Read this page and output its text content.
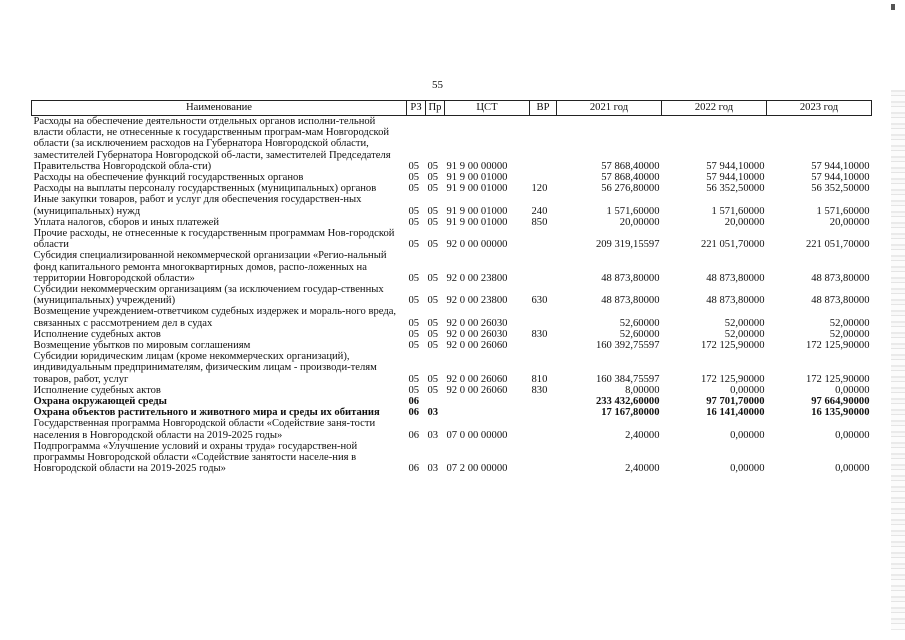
55
Наименование	РЗ	Пр	ЦСТ	ВР	2021 год	2022 год	2023 год
Расходы на обеспечение деятельности отдельных органов исполни-тельной власти области, не отнесенные к государственным програм-мам Новгородской области (за исключением расходов на Губернатора Новгородской области, заместителей Губернатора Новгородской об-ласти, заместителей Председателя Правительства Новгородской обла-сти)	05	05	91 9 00 00000		57 868,40000	57 944,10000	57 944,10000
Расходы на обеспечение функций государственных органов	05	05	91 9 00 01000		57 868,40000	57 944,10000	57 944,10000
Расходы на выплаты персоналу государственных (муниципальных) органов	05	05	91 9 00 01000	120	56 276,80000	56 352,50000	56 352,50000
Иные закупки товаров, работ и услуг для обеспечения государствен-ных (муниципальных) нужд	05	05	91 9 00 01000	240	1 571,60000	1 571,60000	1 571,60000
Уплата налогов, сборов и иных платежей	05	05	91 9 00 01000	850	20,00000	20,00000	20,00000
Прочие расходы, не отнесенные к государственным программам Нов-городской области	05	05	92 0 00 00000		209 319,15597	221 051,70000	221 051,70000
Субсидия специализированной некоммерческой организации «Регио-нальный фонд капитального ремонта многоквартирных домов, распо-ложенных на территории Новгородской области»	05	05	92 0 00 23800		48 873,80000	48 873,80000	48 873,80000
Субсидии некоммерческим организациям (за исключением государ-ственных (муниципальных) учреждений)	05	05	92 0 00 23800	630	48 873,80000	48 873,80000	48 873,80000
Возмещение учреждением-ответчиком судебных издержек и мораль-ного вреда, связанных с рассмотрением дел в судах	05	05	92 0 00 26030		52,60000	52,00000	52,00000
Исполнение судебных актов	05	05	92 0 00 26030	830	52,60000	52,00000	52,00000
Возмещение убытков по мировым соглашениям	05	05	92 0 00 26060		160 392,75597	172 125,90000	172 125,90000
Субсидии юридическим лицам (кроме некоммерческих организаций), индивидуальным предпринимателям, физическим лицам - производи-телям товаров, работ, услуг	05	05	92 0 00 26060	810	160 384,75597	172 125,90000	172 125,90000
Исполнение судебных актов	05	05	92 0 00 26060	830	8,00000	0,00000	0,00000
Охрана окружающей среды	06				233 432,60000	97 701,70000	97 664,90000
Охрана объектов растительного и животного мира и среды их обитания	06	03			17 167,80000	16 141,40000	16 135,90000
Государственная программа Новгородской области «Содействие заня-тости населения в Новгородской области на 2019-2025 годы»	06	03	07 0 00 00000		2,40000	0,00000	0,00000
Подпрограмма «Улучшение условий и охраны труда» государствен-ной программы Новгородской области «Содействие занятости населе-ния в Новгородской области на 2019-2025 годы»	06	03	07 2 00 00000		2,40000	0,00000	0,00000
